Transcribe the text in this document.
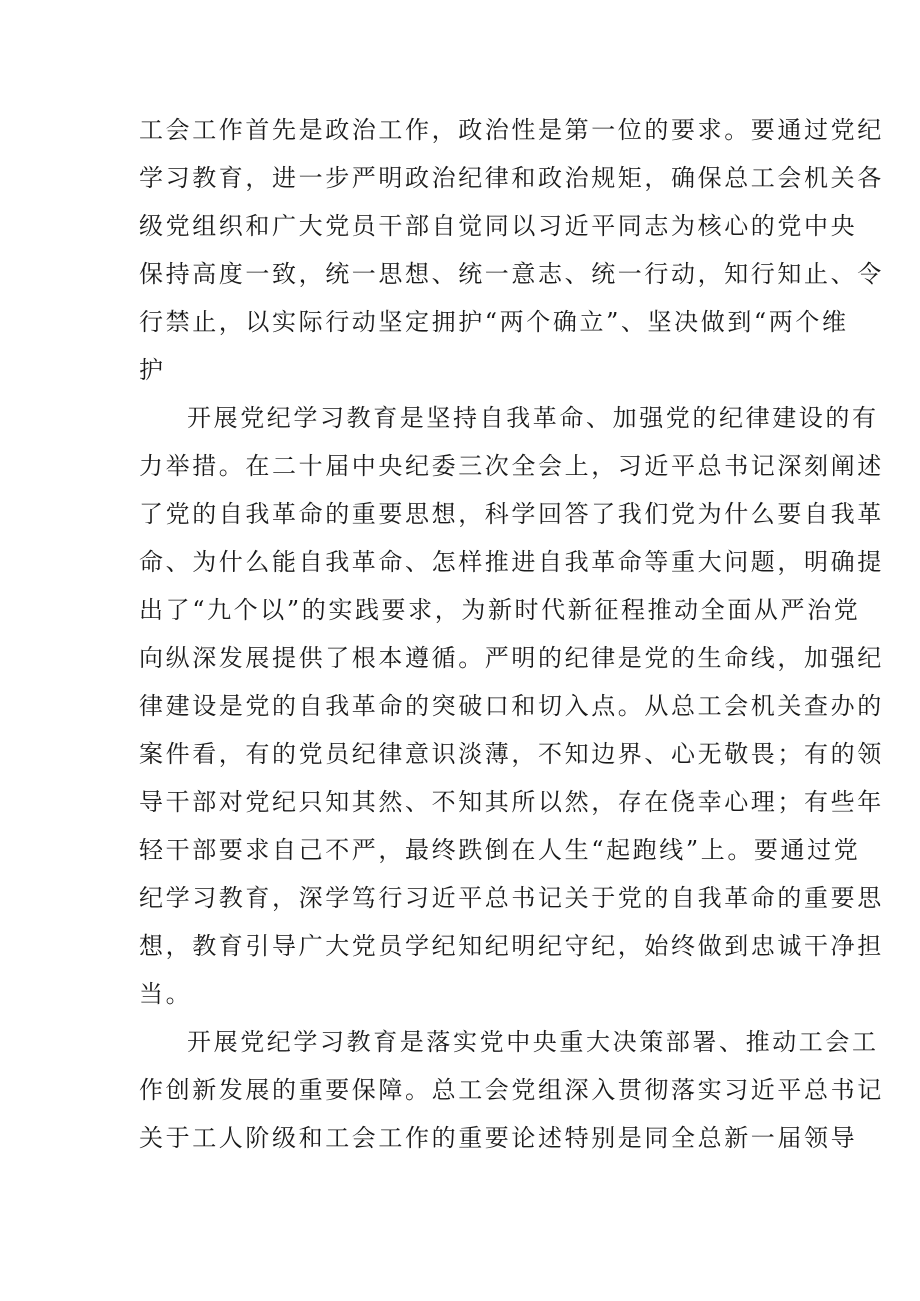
工会工作首先是政治工作，政治性是第一位的要求。要通过党纪
学习教育，进一步严明政治纪律和政治规矩，确保总工会机关各
级党组织和广大党员干部自觉同以习近平同志为核心的党中央
保持高度一致，统一思想、统一意志、统一行动，知行知止、令
行禁止，以实际行动坚定拥护“两个确立”、坚决做到“两个维
护
开展党纪学习教育是坚持自我革命、加强党的纪律建设的有
力举措。在二十届中央纪委三次全会上，习近平总书记深刻阐述
了党的自我革命的重要思想，科学回答了我们党为什么要自我革
命、为什么能自我革命、怎样推进自我革命等重大问题，明确提
出了“九个以”的实践要求，为新时代新征程推动全面从严治党
向纵深发展提供了根本遵循。严明的纪律是党的生命线，加强纪
律建设是党的自我革命的突破口和切入点。从总工会机关查办的
案件看，有的党员纪律意识淡薄，不知边界、心无敬畏；有的领
导干部对党纪只知其然、不知其所以然，存在侥幸心理；有些年
轻干部要求自己不严，最终跌倒在人生“起跑线”上。要通过党
纪学习教育，深学笃行习近平总书记关于党的自我革命的重要思
想，教育引导广大党员学纪知纪明纪守纪，始终做到忠诚干净担
当。
开展党纪学习教育是落实党中央重大决策部署、推动工会工
作创新发展的重要保障。总工会党组深入贯彻落实习近平总书记
关于工人阶级和工会工作的重要论述特别是同全总新一届领导
